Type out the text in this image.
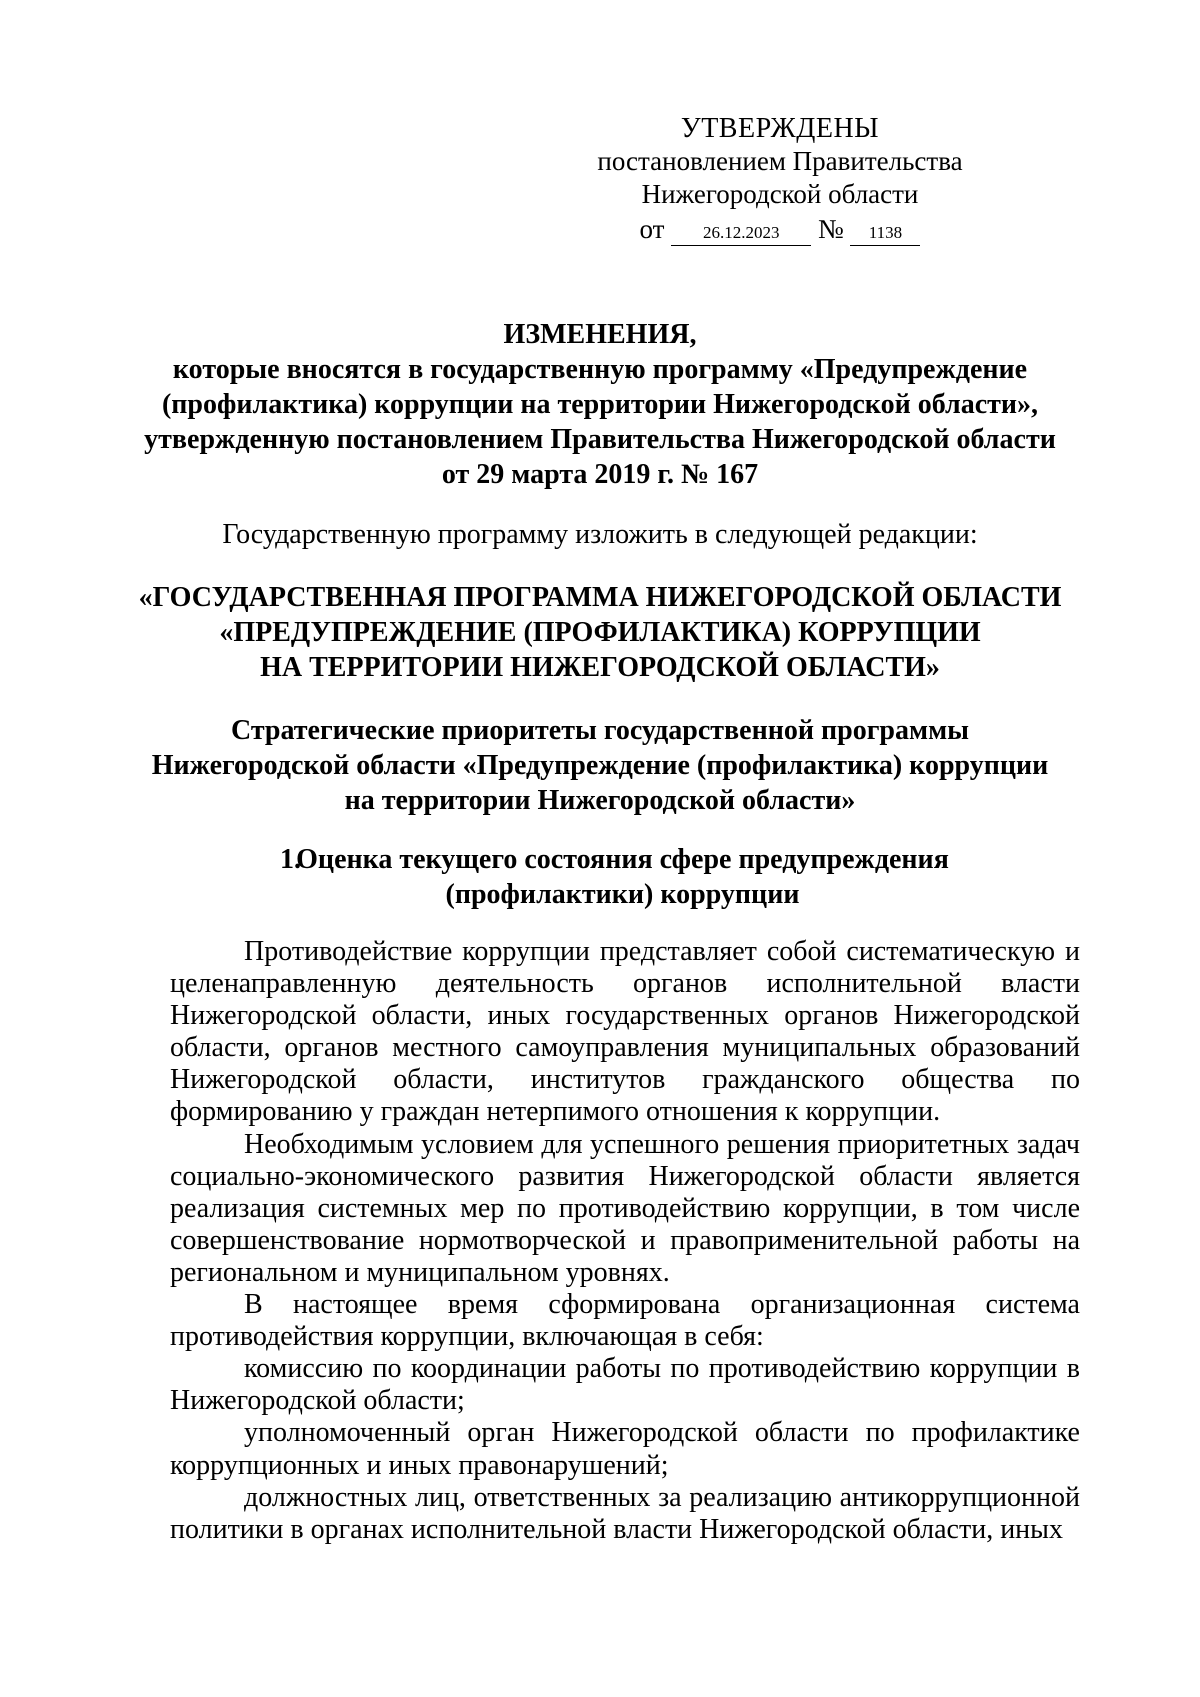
УТВЕРЖДЕНЫ
постановлением Правительства
Нижегородской области
от 26.12.2023 № 1138
ИЗМЕНЕНИЯ,
которые вносятся в государственную программу «Предупреждение
(профилактика) коррупции на территории Нижегородской области»,
утвержденную постановлением Правительства Нижегородской области
от 29 марта 2019 г. № 167
Государственную программу изложить в следующей редакции:
«ГОСУДАРСТВЕННАЯ ПРОГРАММА НИЖЕГОРОДСКОЙ ОБЛАСТИ
«ПРЕДУПРЕЖДЕНИЕ (ПРОФИЛАКТИКА) КОРРУПЦИИ
НА ТЕРРИТОРИИ НИЖЕГОРОДСКОЙ ОБЛАСТИ»
Стратегические приоритеты государственной программы
Нижегородской области «Предупреждение (профилактика) коррупции
на территории Нижегородской области»
1.
Оценка текущего состояния сфере предупреждения
(профилактики) коррупции

Противодействие коррупции представляет собой систематическую и целенаправленную деятельность органов исполнительной власти Нижегородской области, иных государственных органов Нижегородской области, органов местного самоуправления муниципальных образований Нижегородской области, институтов гражданского общества по формированию у граждан нетерпимого отношения к коррупции.

Необходимым условием для успешного решения приоритетных задач социально-экономического развития Нижегородской области является реализация системных мер по противодействию коррупции, в том числе совершенствование нормотворческой и правоприменительной работы на региональном и муниципальном уровнях.

В настоящее время сформирована организационная система противодействия коррупции, включающая в себя:

комиссию по координации работы по противодействию коррупции в Нижегородской области;

уполномоченный орган Нижегородской области по профилактике коррупционных и иных правонарушений;

должностных лиц, ответственных за реализацию антикоррупционной политики в органах исполнительной власти Нижегородской области, иных
